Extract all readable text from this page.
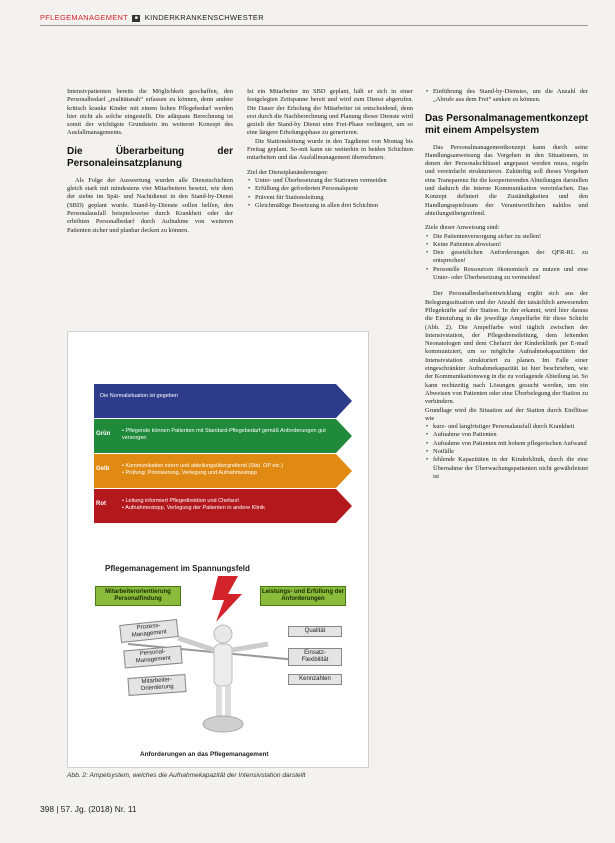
PFLEGEMANAGEMENT ■ KINDERKRANKENSCHWESTER

Intensivpatienten bereits die Möglichkeit geschaffen, den Personalbedarf „realitätsnah“ erfassen zu können, denn andere kritisch kranke Kinder mit einem hohen Pflegebedarf werden hier nicht als solche eingestellt. Die adäquate Berechnung ist somit der wichtigste Grundstein im weiteren Konzept des Ausfallmanagements.

Die Überarbeitung der Personaleinsatzplanung

Als Folge der Auswertung wurden alle Dienstschichten gleich stark mit mindestens vier Mitarbeitern besetzt, wie dem der siebte im Spät- und Nachtdienst in den Stand-by-Dienst (SBD) geplant wurde. Stand-by-Dienste sollen helfen, den Personalausfall beispielsweise durch Krankheit oder der erhöhten Personalbedarf durch Aufnahme von weiteren Patienten sicher und planbar decken zu können.

Ist ein Mitarbeiter im SBD geplant, hält er sich in einer festgelegten Zeitspanne bereit und wird zum Dienst abgerufen. Die Dauer der Erholung der Mitarbeiter ist entscheidend, denn erst durch die Nachberechnung und Planung dieser Dienste wird gezielt der Stand-by Dienst eine Frei-Phase verlängert, um so eine längere Erholungsphase zu generieren.

Die Stationsleitung wurde in den Tagdienst von Montag bis Freitag geplant. So-mit kann sie weiterhin in beiden Schichten mitarbeiten und das Ausfallmanagement übernehmen.

Ziel der Dienstplanänderungen:

• Unter- und Überbesetzung der Stationen vermeiden
• Erfüllung der geforderten Personalquote
• Prävent für Stationsleitung
• Gleichmäßige Besetzung in allen drei Schichten
• Einführung des Stand-by-Dienstes, um die Anzahl der „Abrufe aus dem Frei“ senken zu können.
Das Personalmanagementkonzept mit einem Ampelsystem

Das Personalmanagementkonzept kann durch seine Handlungsanweisung das Vorgehen in den Situationen, in denen der Personalschlüssel angepasst werden muss, regeln und vereinfacht strukturieren. Zukünftig soll dieses Vorgehen eine Transparenz für die kooperierenden Abteilungen darstellen und dadurch die interne Kommunikation vereinfachen. Das Konzept definiert die Zuständigkeiten und den Handlungsspielraum der Verantwortlichen nahtlos und abteilungsübergreifend.

Ziele dieser Anweisung sind:

• Die Patientenversorgung sicher zu stellen!
• Keine Patienten abweisen!
• Den gesetzlichen Anforderungen der QFR-RL zu entsprechen!
• Personelle Ressourcen ökonomisch zu nutzen und eine Unter- oder Überbesetzung zu vermeiden!

Der Personalbedarfsentwicklung ergibt sich aus der Belegungssituation und der Anzahl der tatsächlich anwesenden Pflegekräfte auf der Station. In der erkannt, wird hier daraus die Einstufung in die jeweilige Ampelfarbe für diese Schicht (Abb. 2). Die Ampelfarbe wird täglich zwischen der Intensivstation, der Pflegedienstleitung, dem leitenden Neonatologen und dem Chefarzt der Kinderklinik per E-mail kommuniziert, um so mögliche Aufnahmekapazitäten der Intensivstation strukturiert zu planen. Im Falle einer eingeschränkter Aufnahmekapazität ist hier beschrieben, wie der Kommunikationsweg in die zu vorlagende Abteilung ist. So kann rechtzeitig nach Lösungen gesucht werden, um ein Abweisen von Patienten oder eine Überbelegung der Station zu verhindern.

Grundlage wird die Situation auf der Station durch Einflüsse wie

• kurz- und langfristiger Personalausfall durch Krankheit
• Aufnahme von Patienten
• Aufnahme von Patienten mit hohem pflegerischen Aufwand
• Notfälle
• fehlende Kapazitäten in der Kinderklinik, durch die eine Übernahme der Überwachungspatienten nicht gewährleistet ist
Die Normalsituation ist gegeben
Grün	• Pflegende können Patienten mit Standard-Pflegebedarf gemäß Anforderungen gut versorgen
Gelb	• Kommunikation intern und abteilungsübergreifend (Stat. OP etc.)
• Prüfung: Priorisierung, Verlegung und Aufnahmestopp
Rot	• Leitung informiert Pflegedirektion und Chefarzt
• Aufnahmestopp, Verlegung der Patienten in andere Klinik
Pflegemanagement im Spannungsfeld
Mitarbeiterorientierung Personalfindung
Leistungs- und Erfüllung der Anforderungen
Prozess-Management
Personal-Management
Mitarbeiter-Orientierung
Qualität
Einsatz-Flexibilität
Kennzahlen
Anforderungen an das Pflegemanagement
Abb. 2: Ampelsystem, welches die Aufnahmekapazität der Intensivstation darstellt
398 | 57. Jg. (2018) Nr. 11
